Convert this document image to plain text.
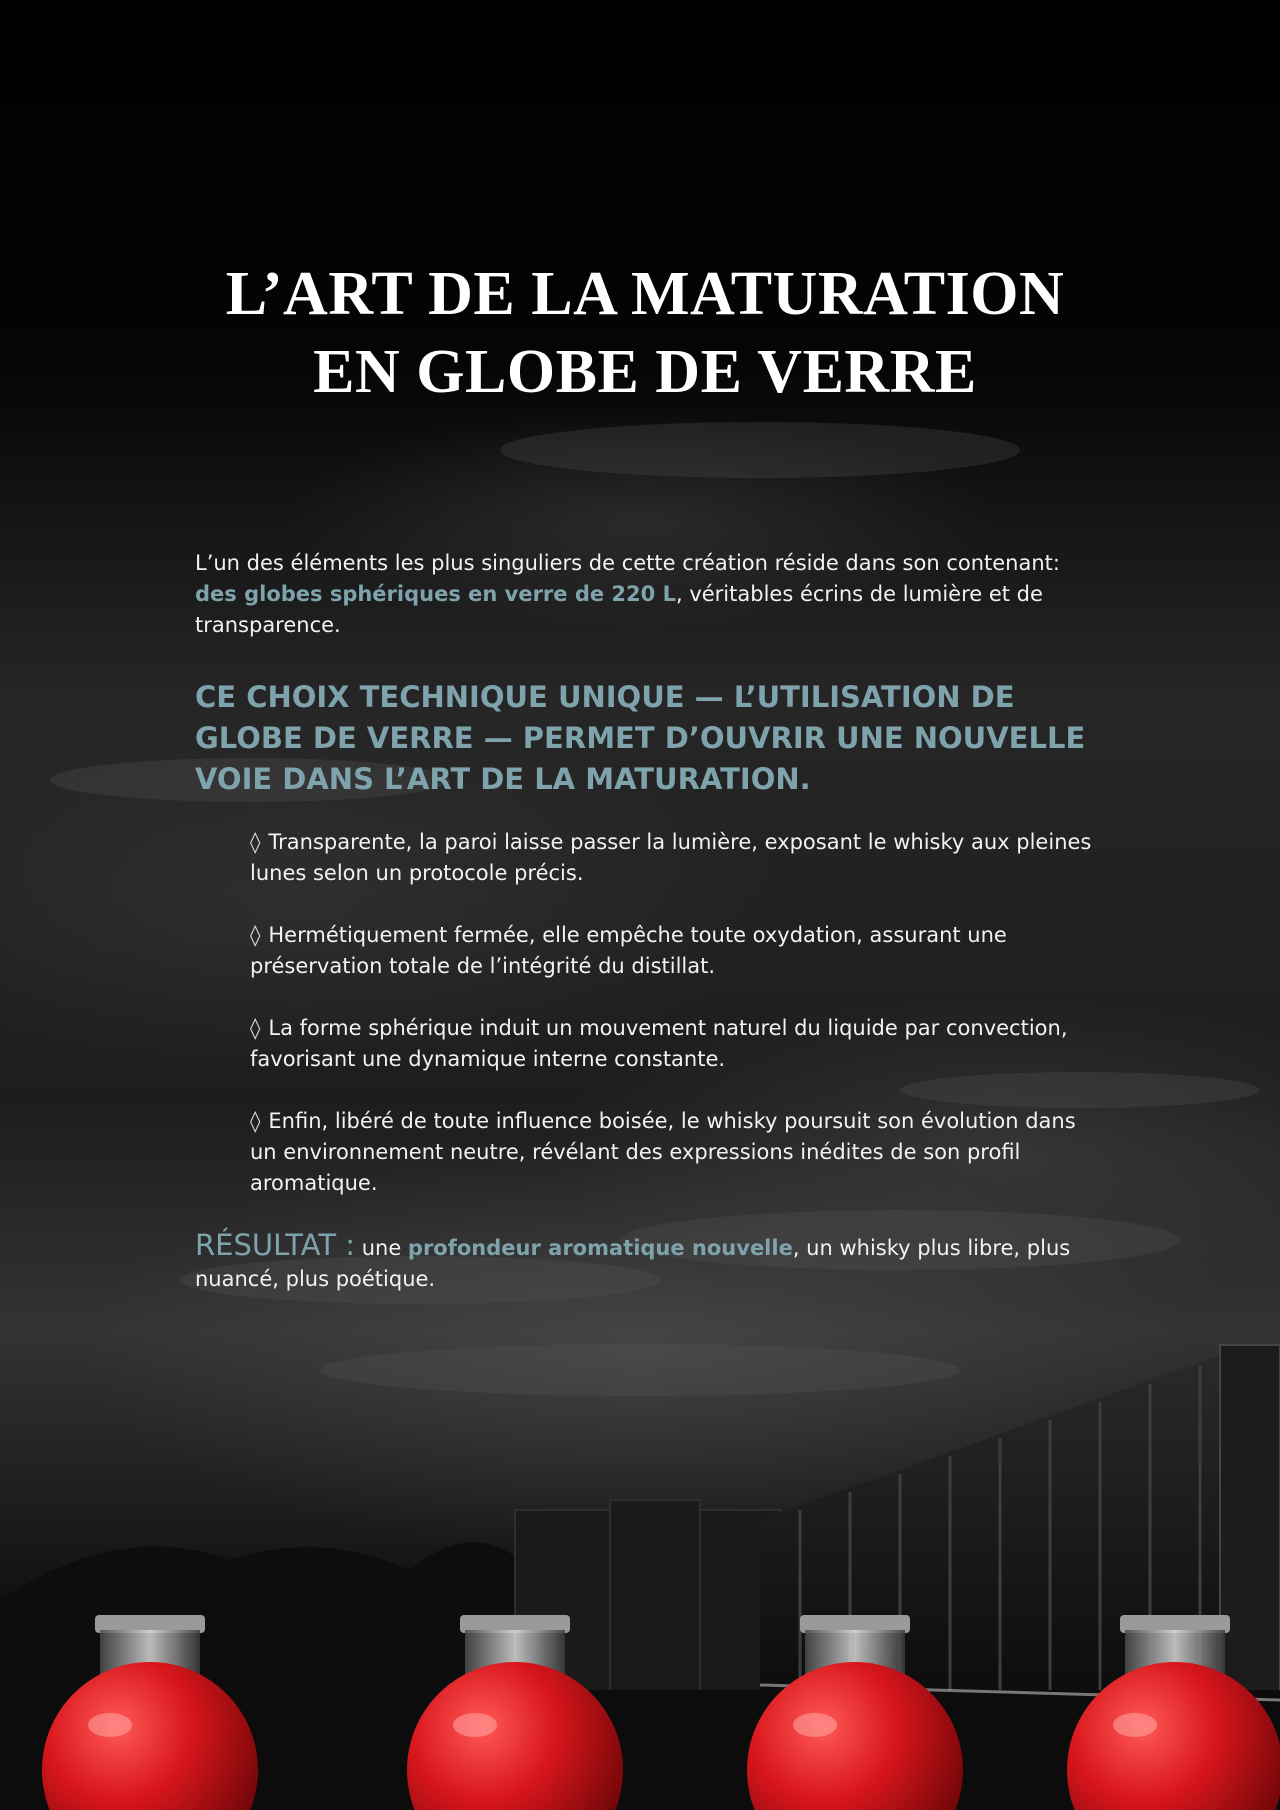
L’ART DE LA MATURATION
EN GLOBE DE VERRE

L’un des éléments les plus singuliers de cette création réside dans son contenant: des globes sphériques en verre de 220 L, véritables écrins de lumière et de transparence.

CE CHOIX TECHNIQUE UNIQUE — L’UTILISATION DE GLOBE DE VERRE — PERMET D’OUVRIR UNE NOUVELLE VOIE DANS L’ART DE LA MATURATION.
◊ Transparente, la paroi laisse passer la lumière, exposant le whisky aux pleines lunes selon un protocole précis.
◊ Hermétiquement fermée, elle empêche toute oxydation, assurant une préservation totale de l’intégrité du distillat.
◊ La forme sphérique induit un mouvement naturel du liquide par convection, favorisant une dynamique interne constante.
◊ Enfin, libéré de toute influence boisée, le whisky poursuit son évolution dans un environnement neutre, révélant des expressions inédites de son profil aromatique.

RÉSULTAT : une profondeur aromatique nouvelle, un whisky plus libre, plus nuancé, plus poétique.
